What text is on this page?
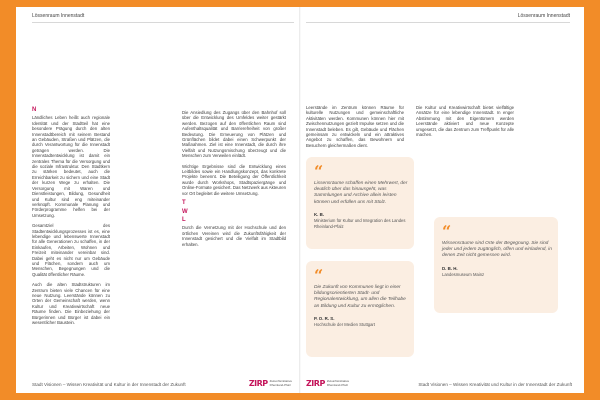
Lössenraum Innenstadt
N

Ländliches Leben heißt auch regionale Identität und der Stadtteil hat eine besondere Prägung durch den alten Innenstadtbereich mit seinem Bestand an Gebäuden, Straßen und Plätzen, die durch Verantwortung für die Innenstadt getragen werden. Die Innenstadtentwicklung ist damit ein zentrales Thema für die Versorgung und die soziale Infrastruktur. Den Stadtkern zu stärken bedeutet, auch die Erreichbarkeit zu sichern und eine Stadt der kurzen Wege zu erhalten. Die Versorgung mit Waren und Dienstleistungen, Bildung, Gesundheit und Kultur sind eng miteinander verknüpft. Kommunale Planung und Förderprogramme helfen bei der Umsetzung.

Gesamtziel des Stadtentwicklungsprozesses ist es, eine lebendige und lebenswerte Innenstadt für alle Generationen zu schaffen, in der Einkaufen, Arbeiten, Wohnen und Freizeit miteinander vereinbar sind. Dabei geht es nicht nur um Gebäude und Flächen, sondern auch um Menschen, Begegnungen und die Qualität öffentlicher Räume.

Auch die alten Stadtstrukturen im Zentrum bieten viele Chancen für eine neue Nutzung. Leerstände können zu Orten der Gemeinschaft werden, wenn Kultur und Kreativwirtschaft neue Räume finden. Die Einbeziehung der Bürgerinnen und Bürger ist dabei ein wesentlicher Baustein.

Die Ansiedlung des Zugangs über den Bahnhof soll über die Entwicklung des Umfeldes weiter gestärkt werden. Bezogen auf den öffentlichen Raum sind Aufenthaltsqualität und Barrierefreiheit von großer Bedeutung. Die Erneuerung von Plätzen und Grünflächen bildet dabei einen Schwerpunkt der Maßnahmen. Ziel ist eine Innenstadt, die durch ihre Vielfalt und Nutzungsmischung überzeugt und die Menschen zum Verweilen einlädt.

Wichtige Ergebnisse sind die Entwicklung eines Leitbildes sowie ein Handlungskonzept, das konkrete Projekte benennt. Die Beteiligung der Öffentlichkeit wurde durch Workshops, Stadtspaziergänge und Online-Formate gesichert. Das Netzwerk aus Akteuren vor Ort begleitet die weitere Umsetzung.

T
W
L

Durch die Vernetzung mit der Hochschule und den örtlichen Vereinen wird die Zukunftsfähigkeit der Innenstadt gesichert und die Vielfalt im Stadtbild erhalten.

Stadt Visionen – Wissen Kreativität und Kultur in der Innenstadt der Zukunft	ZIRP Zukunftsinitiative
Rheinland-Pfalz
Lössenraum Innenstadt

Leerstände im Zentrum können Räume für kulturelle Nutzungen und gemeinschaftliche Aktivitäten werden. Kommunen können hier mit Zwischennutzungen gezielt Impulse setzen und die Innenstadt beleben. Es gilt, Gebäude und Flächen gemeinsam zu entwickeln und ein attraktives Angebot zu schaffen, das Bewohnern und Besuchern gleichermaßen dient.

Die Kultur und Kreativwirtschaft bietet vielfältige Ansätze für eine lebendige Innenstadt. In enger Abstimmung mit den Eigentümern werden Leerstände aktiviert und neue Konzepte umgesetzt, die das Zentrum zum Treffpunkt für alle machen.

“
Lissensräume schaffen einen Mehrwert, der deutlich über das hinausgeht, was Sammlungen und Archive allein leisten können und erfüllen uns mit Stolz.
K. B.
Ministerium für Kultur und Integration des Landes Rheinland-Pfalz
“
Die Zukunft von Kommunen liegt in einer bildungsorientierten Stadt- und Regionalentwicklung, um allen die Teilhabe an Bildung und Kultur zu ermöglichen.
P. O. R. S.
Hochschule der Medien Stuttgart
“
Wissensräume sind Orte der Begegnung. Sie sind jeder und jedem zugänglich, offen und einladend, in denen Zeit nicht gemessen wird.
D. B. H.
Landesmuseum Mainz
ZIRP Zukunftsinitiative
Rheinland-Pfalz	Stadt Visionen – Wissen Kreativität und Kultur in der Innenstadt der Zukunft
